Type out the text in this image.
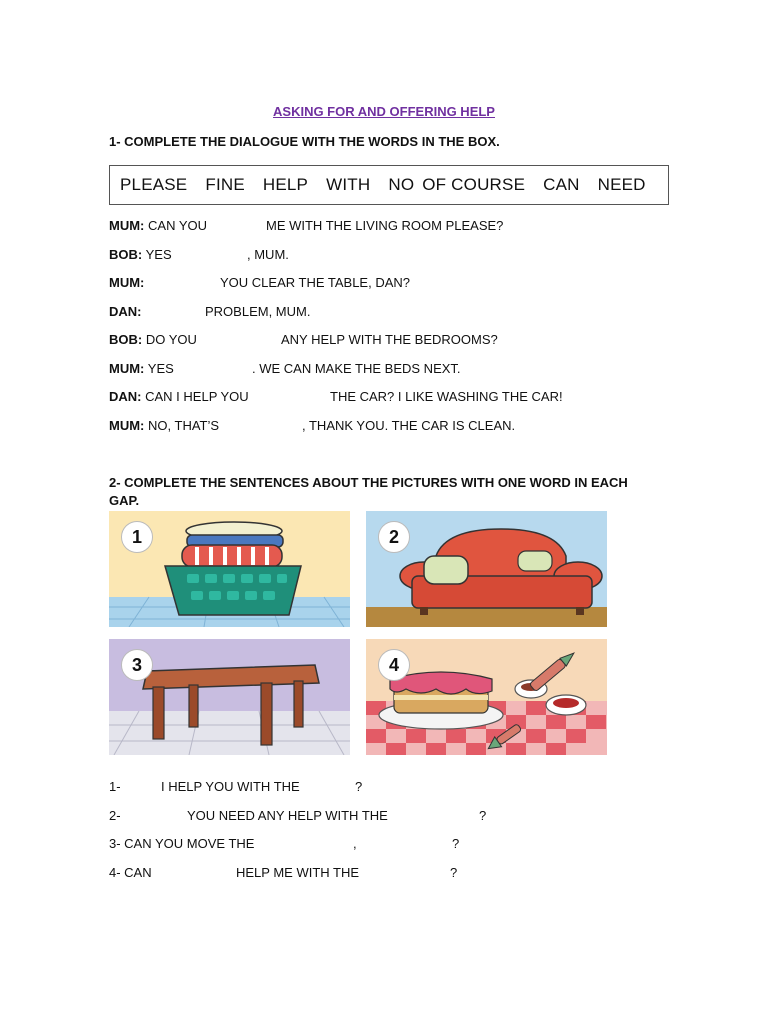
ASKING FOR AND OFFERING HELP
1- COMPLETE THE DIALOGUE WITH THE WORDS IN THE BOX.
PLEASE FINE HELP WITH NO OF COURSE CAN NEED
MUM: CAN YOU	ME WITH THE LIVING ROOM PLEASE?
BOB: YES	, MUM.
MUM:	YOU CLEAR THE TABLE, DAN?
DAN:	PROBLEM, MUM.
BOB: DO YOU	ANY HELP WITH THE BEDROOMS?
MUM: YES	. WE CAN MAKE THE BEDS NEXT.
DAN: CAN I HELP YOU	THE CAR? I LIKE WASHING THE CAR!
MUM: NO, THAT’S	, THANK YOU. THE CAR IS CLEAN.
2- COMPLETE THE SENTENCES ABOUT THE PICTURES WITH ONE WORD IN EACH
GAP.
1	2
3	4
1-	I HELP YOU WITH THE	?
2-	YOU NEED ANY HELP WITH THE	?
3- CAN YOU MOVE THE	,	?
4- CAN	HELP ME WITH THE	?
